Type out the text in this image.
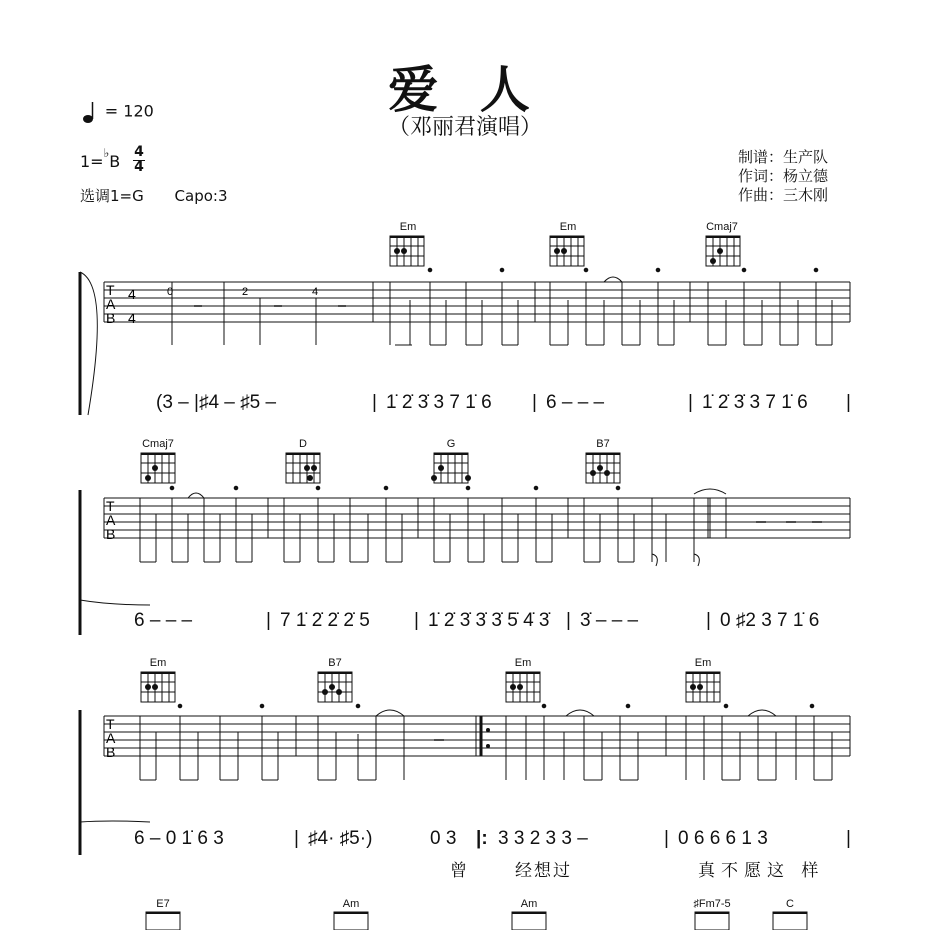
爱 人
（邓丽君演唱）
= 120
1=♭B 4
4
选调1=G Capo:3
制谱：生产队
作词：杨立德
作曲：三木刚
Em	Em	Cmaj7
T
A
B
4
4
0	2	4
T
A
B
T
A
B
Cmaj7	D	G	B7
Em	B7	Em	Em
E7	Am	Am	♯Fm7-5	C
(3 – |♯4 – ♯5 –	| 1̇ 2̇ 3̇ 3 7 1̇ 6 | 6 – – –	| 1̇ 2̇ 3̇ 3 7 1̇ 6 |
6 – – –	| 7 1̇ 2̇ 2̇ 2̇ 5 | 1̇ 2̇ 3̇ 3̇ 3̇ 5̇ 4̇ 3̇ | 3̇ – – –	| 0 ♯2 3 7 1̇ 6
6 – 0 1̇ 6 3	| ♯4· ♯5·)	0 3 |: 3 3 2 3 3 –	| 0 6 6 6 1 3	|
曾	经想过	真不愿这 样
